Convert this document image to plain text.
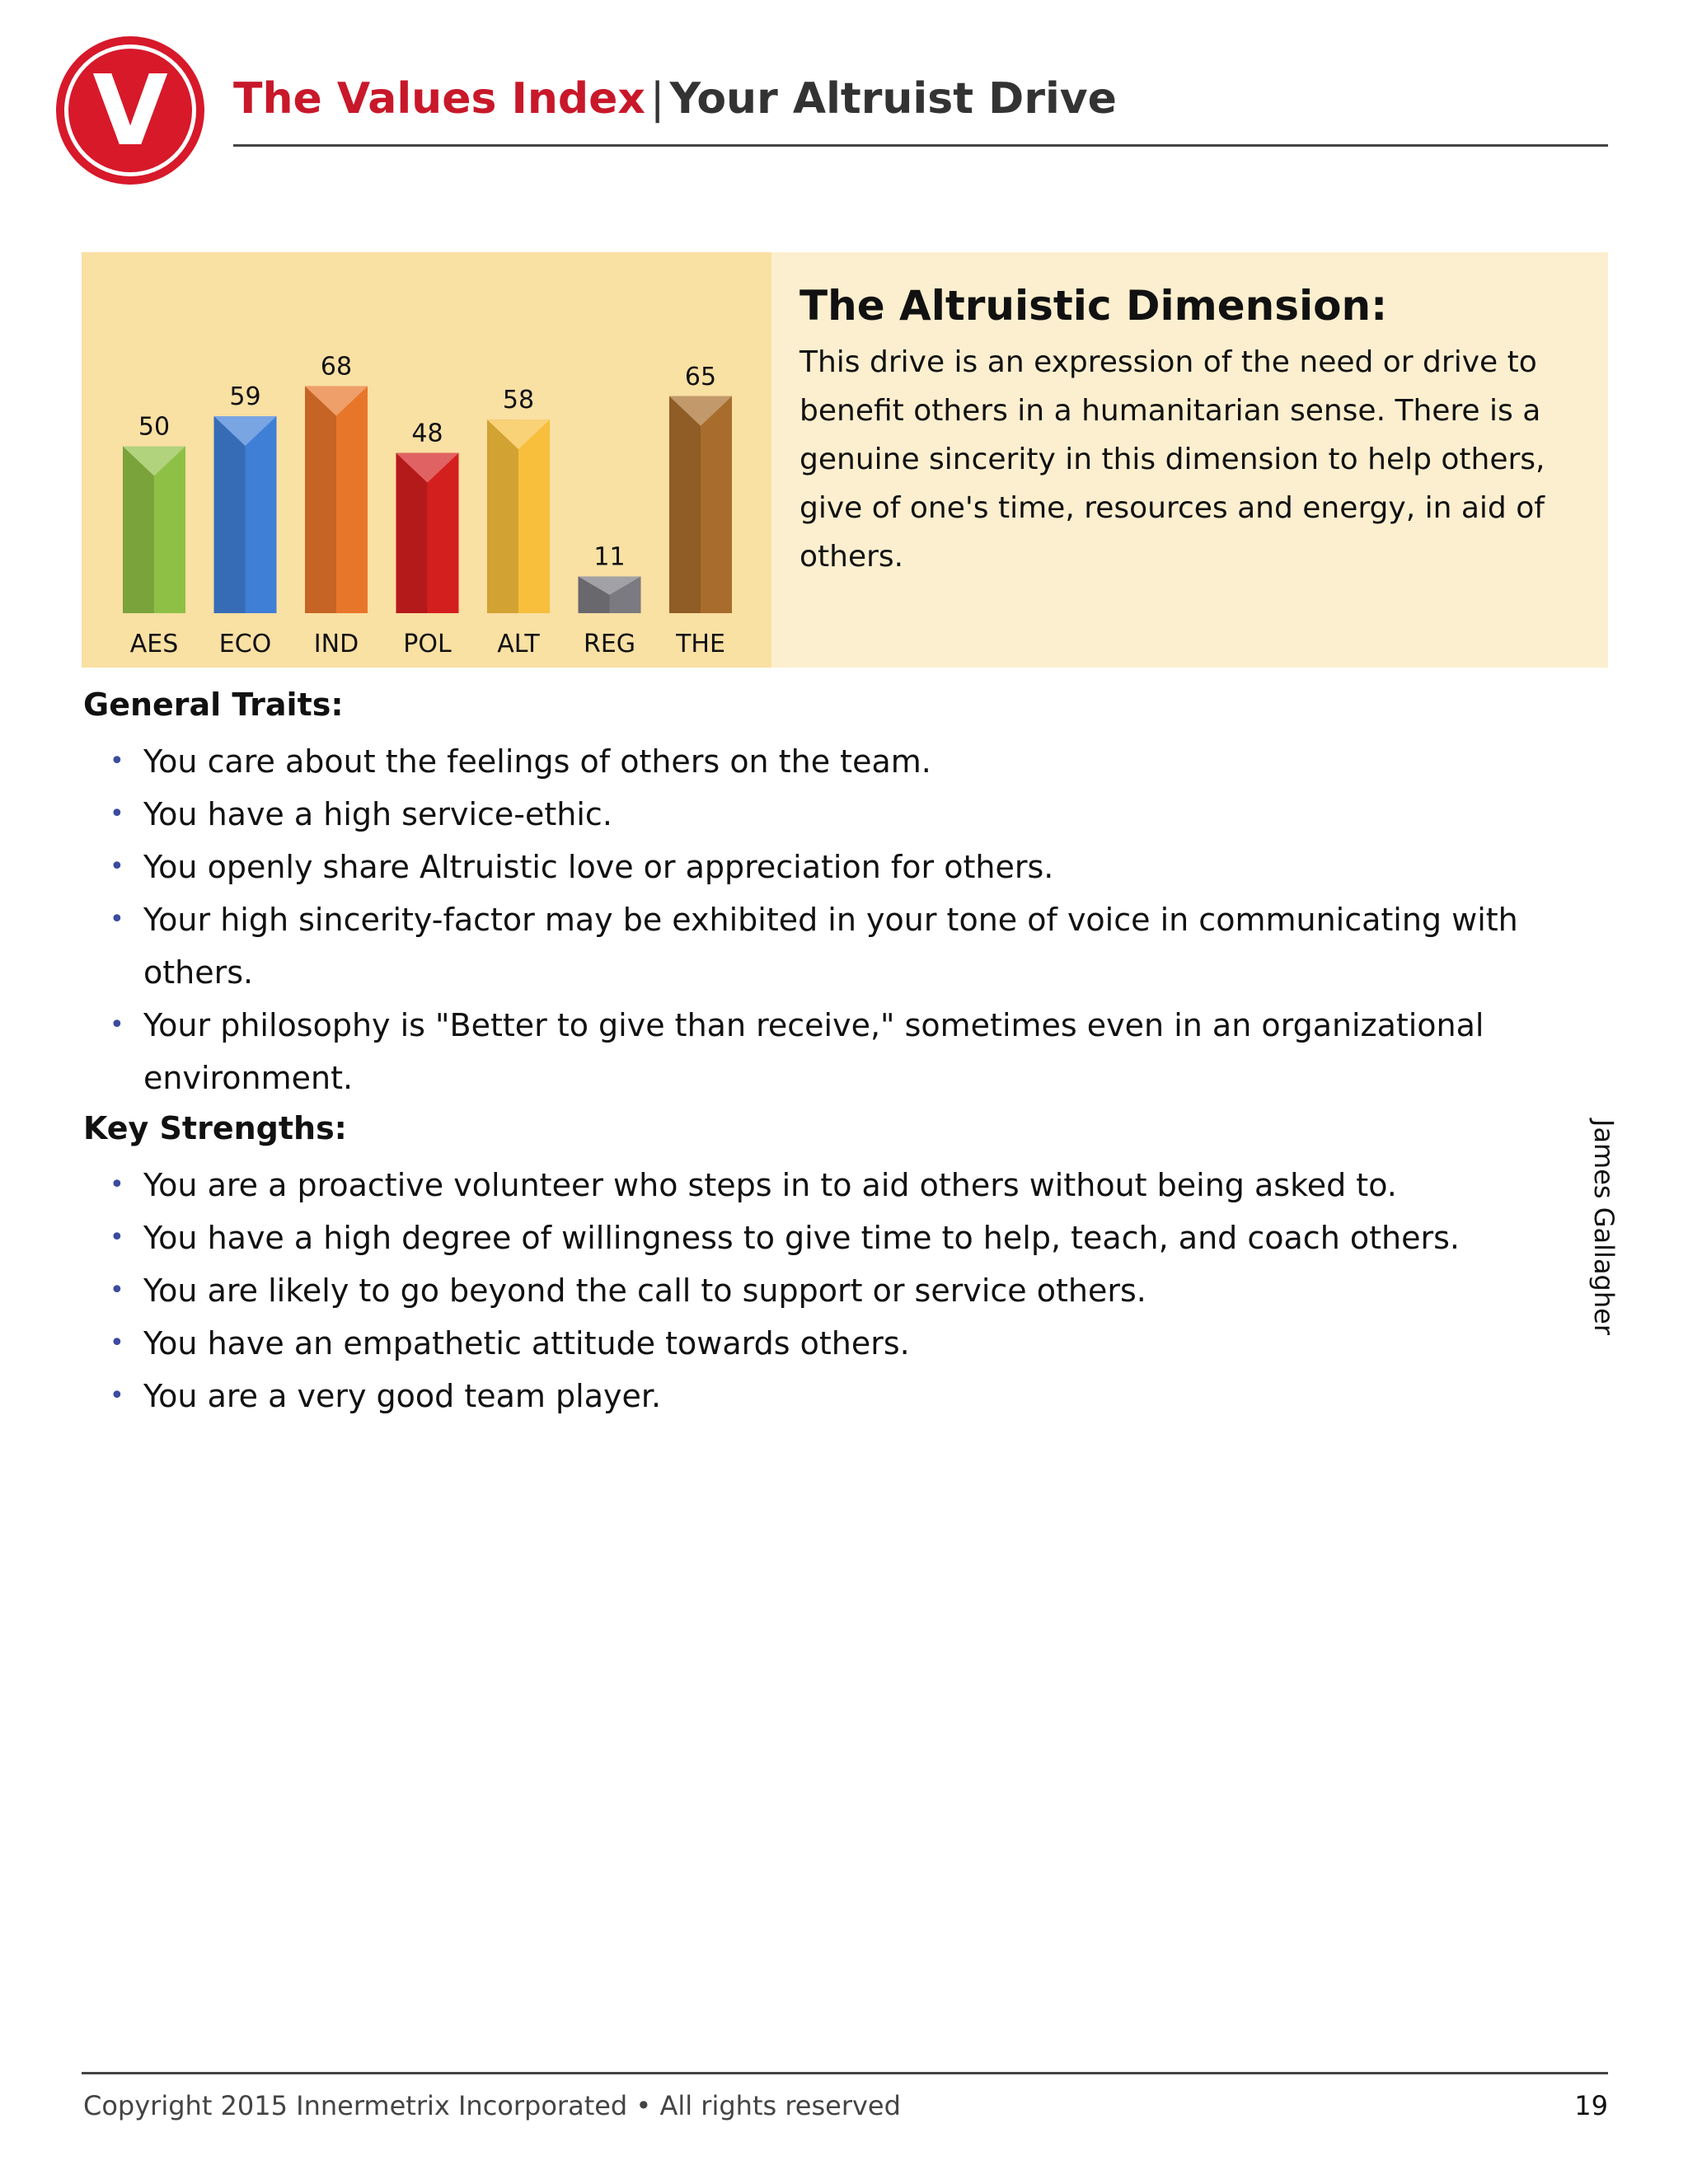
V	The Values Index | Your Altruist Drive
50
AES
59
ECO
68
IND
48
POL
58
ALT
11
REG
65
THE
The Altruistic Dimension:
This drive is an expression of the need or drive to benefit others in a humanitarian sense. There is a genuine sincerity in this dimension to help others, give of one's time, resources and energy, in aid of others.
General Traits:
• You care about the feelings of others on the team.
• You have a high service-ethic.
• You openly share Altruistic love or appreciation for others.
• Your high sincerity-factor may be exhibited in your tone of voice in communicating with others.
• Your philosophy is "Better to give than receive," sometimes even in an organizational environment.
Key Strengths:
• You are a proactive volunteer who steps in to aid others without being asked to.
• You have a high degree of willingness to give time to help, teach, and coach others.
• You are likely to go beyond the call to support or service others.
• You have an empathetic attitude towards others.
• You are a very good team player.
James Gallagher
Copyright 2015 Innermetrix Incorporated • All rights reserved	19
